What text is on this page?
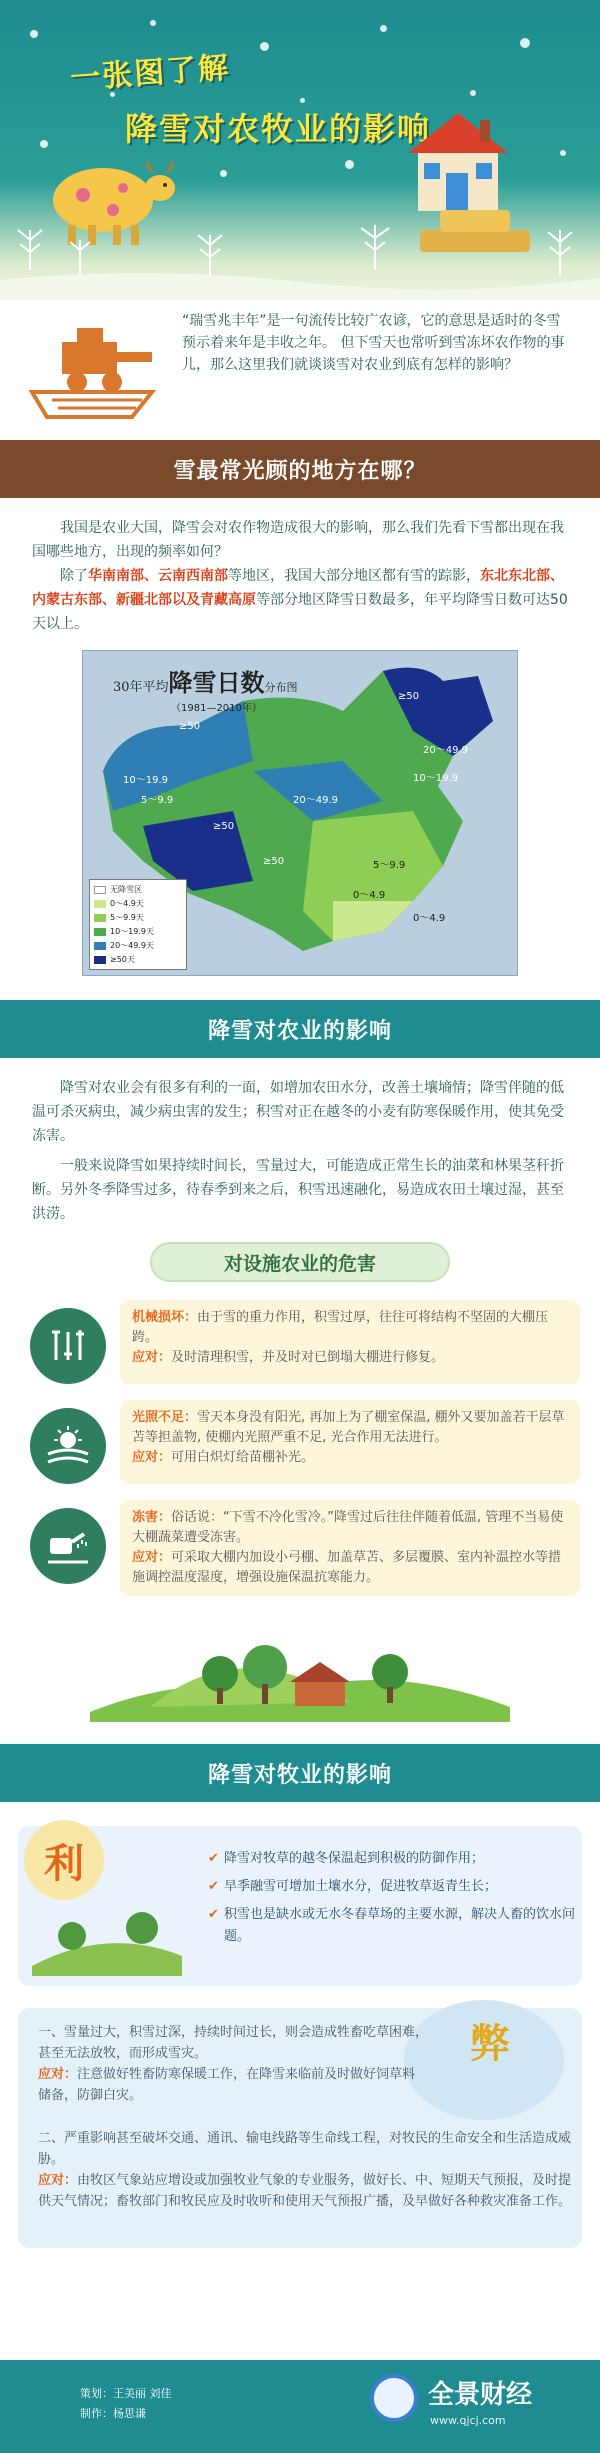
一张图了解
降雪对农牧业的影响

“瑞雪兆丰年”是一句流传比较广农谚，它的意思是适时的冬雪预示着来年是丰收之年。 但下雪天也常听到雪冻坏农作物的事儿，那么这里我们就谈谈雪对农业到底有怎样的影响？

雪最常光顾的地方在哪？

我国是农业大国，降雪会对农作物造成很大的影响，那么我们先看下雪都出现在我国哪些地方，出现的频率如何？

除了华南南部、云南西南部等地区，我国大部分地区都有雪的踪影，东北东北部、内蒙古东部、新疆北部以及青藏高原等部分地区降雪日数最多，年平均降雪日数可达50天以上。

30年平均降雪日数分布图
（1981—2010年）
≥50
≥50
≥50
≥50
10～19.9	10～19.9
5～9.9
20～49.9
20～49.9
5～9.9
0～4.9
0～4.9
无降雪区
0～4.9天
5～9.9天
10～19.9天
20～49.9天
≥50天
降雪对农业的影响

降雪对农业会有很多有利的一面，如增加农田水分，改善土壤墒情；降雪伴随的低温可杀灭病虫，减少病虫害的发生；积雪对正在越冬的小麦有防寒保暖作用，使其免受冻害。

一般来说降雪如果持续时间长，雪量过大，可能造成正常生长的油菜和林果茎秆折断。另外冬季降雪过多，待春季到来之后，积雪迅速融化，易造成农田土壤过湿，甚至洪涝。

对设施农业的危害
机械损坏：由于雪的重力作用，积雪过厚，往往可将结构不坚固的大棚压跨。
应对：及时清理积雪，并及时对已倒塌大棚进行修复。
光照不足：雪天本身没有阳光, 再加上为了棚室保温, 棚外又要加盖若干层草苫等担盖物, 使棚内光照严重不足, 光合作用无法进行。
应对：可用白炽灯给苗棚补光。
冻害：俗话说：“下雪不冷化雪冷。”降雪过后往往伴随着低温, 管理不当易使大棚蔬菜遭受冻害。
应对：可采取大棚内加设小弓棚、加盖草苫、多层覆膜、室内补温控水等措施调控温度湿度，增强设施保温抗寒能力。
降雪对牧业的影响
利
✔	降雪对牧草的越冬保温起到积极的防御作用；
✔ 早季融雪可增加土壤水分，促进牧草返青生长；
✔ 积雪也是缺水或无水冬春草场的主要水源，解决人畜的饮水问题。
弊
一、雪量过大，积雪过深，持续时间过长，则会造成牲畜吃草困难，甚至无法放牧，而形成雪灾。
应对：注意做好牲畜防寒保暖工作，在降雪来临前及时做好饲草料储备，防御白灾。
二、严重影响甚至破坏交通、通讯、输电线路等生命线工程，对牧民的生命安全和生活造成威胁。
应对：由牧区气象站应增设或加强牧业气象的专业服务，做好长、中、短期天气预报，及时提供天气情况；畜牧部门和牧民应及时收听和使用天气预报广播，及早做好各种救灾准备工作。
策划：王美丽 刘佳
制作：杨思谦
全景财经
www.qjcj.com
